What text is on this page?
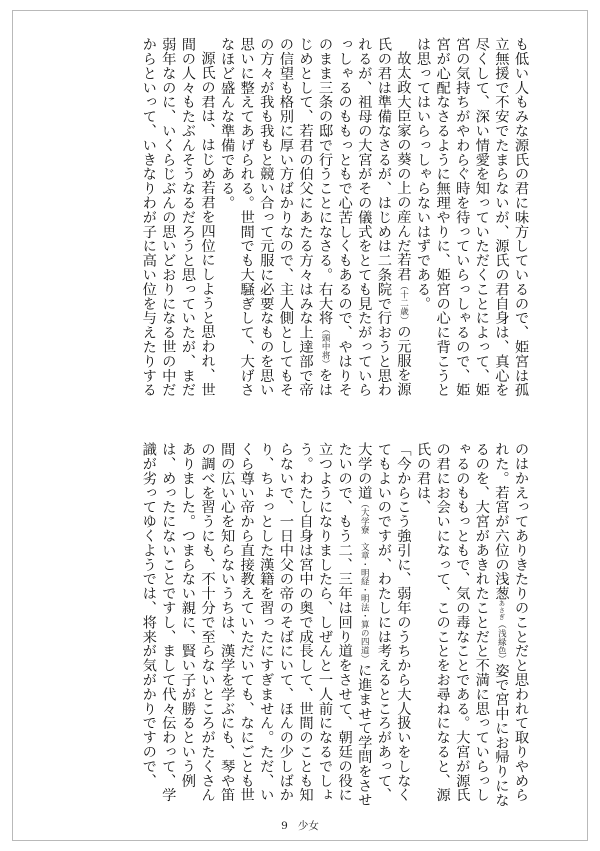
も低い人もみな源氏の君に味方しているので、姫宮は孤立無援で不安でたまらないが、源氏の君自身は、真心を尽くして、深い情愛を知っていただくことによって、姫宮の気持ちがやわらぐ時を待っていらっしゃるので、姫宮が心配なさるように無理やりに、姫宮の心に背こうとは思ってはいらっしゃらないはずである。

故太政大臣家の葵の上の産んだ若君（十二歳）の元服を源氏の君は準備なさるが、はじめは二条院で行おうと思われるが、祖母の大宮がその儀式をとても見たがっていらっしゃるのももっともで心苦しくもあるので、やはりそのまま三条の邸で行うことになさる。右大将（頭中将）をはじめとして、若君の伯父にあたる方々はみな上達部で帝の信望も格別に厚い方ばかりなので、主人側としてもその方々が我も我もと競い合って元服に必要なものを思い思いに整えてあげられる。世間でも大騒ぎして、大げさなほど盛んな準備である。

源氏の君は、はじめ若君を四位にしようと思われ、世間の人々もたぶんそうなるだろうと思っていたが、まだ弱年なのに、いくらじぶんの思いどおりになる世の中だからといって、いきなりわが子に高い位を与えたりする

のはかえってありきたりのことだと思われて取りやめられた。若宮が六位の浅葱あさぎ（浅緑色）姿で宮中にお帰りになるのを、大宮があきれたことだと不満に思っていらっしゃるのももっともで、気の毒なことである。大宮が源氏の君にお会いになって、このことをお尋ねになると、源氏の君は、

「今からこう強引に、弱年のうちから大人扱いをしなくてもよいのですが、わたしには考えるところがあって、大学の道（大学寮　文章・明経・明法・算の四道）に進ませて学問をさせたいので、もう二、三年は回り道をさせて、朝廷の役に立つようになりましたら、しぜんと一人前になるでしょう。わたし自身は宮中の奥で成長して、世間のことも知らないで、一日中父の帝のそばにいて、ほんの少しばかり、ちょっとした漢籍を習ったにすぎません。ただ、いくら尊い帝から直接教えていただいても、なにごとも世間の広い心を知らないうちは、漢学を学ぶにも、琴や笛の調べを習うにも、不十分で至らないところがたくさんありました。つまらない親に、賢い子が勝るという例は、めったにないことですし、まして代々伝わって、学識が劣ってゆくようでは、将来が気がかりですので、

9 少女
